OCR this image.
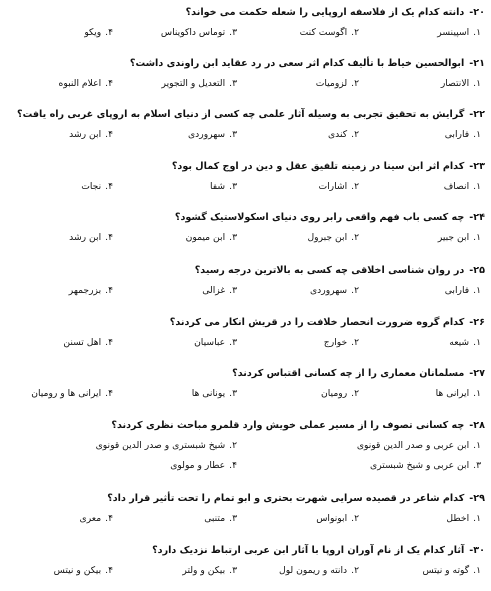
۲۰-دانته کدام یک از فلاسفه اروپایی را شعله حکمت می خواند؟
۱.اسپینسر
۲.اگوست کنت
۳.توماس داکویناس
۴.ویکو
۲۱-ابوالحسین خیاط با تألیف کدام اثر سعی در رد عقاید ابن راوندی داشت؟
۱.الانتصار
۲.لزومیات
۳.التعدیل و التجویر
۴.اعلام النبوه
۲۲-گرایش به تحقیق تجربی به وسیله آثار علمی چه کسی از دنیای اسلام به اروپای غربی راه یافت؟
۱.فارابی
۲.کندی
۳.سهروردی
۴.ابن رشد
۲۳-کدام اثر ابن سینا در زمینه تلفیق عقل و دین در اوج کمال بود؟
۱.انصاف
۲.اشارات
۳.شفا
۴.نجات
۲۴-چه کسی باب فهم واقعی رابر روی دنیای اسکولاستیک گشود؟
۱.ابن جبیر
۲.ابن جبرول
۳.ابن میمون
۴.ابن رشد
۲۵-در روان شناسی اخلاقی چه کسی به بالاترین درجه رسید؟
۱.فارابی
۲.سهروردی
۳.غزالی
۴.بزرجمهر
۲۶-کدام گروه ضرورت انحصار خلافت را در قریش انکار می کردند؟
۱.شیعه
۲.خوارج
۳.عباسیان
۴.اهل تسنن
۲۷-مسلمانان معماری را از چه کسانی اقتباس کردند؟
۱.ایرانی ها
۲.رومیان
۳.یونانی ها
۴.ایرانی ها و رومیان
۲۸-چه کسانی تصوف را از مسیر عملی خویش وارد قلمرو مباحث نظری کردند؟
۱.ابن عربی و صدر الدین قونوی
۲.شیخ شبستری و صدر الدین قونوی
۳.ابن عربی و شیخ شبستری
۴.عطار و مولوی
۲۹-کدام شاعر در قصیده سرایی شهرت بحتری و ابو تمام را تحت تأثیر قرار داد؟
۱.اخطل
۲.ابونواس
۳.متنبی
۴.معری
۳۰-آثار کدام یک از نام آوران اروپا با آثار ابن عربی ارتباط نزدیک دارد؟
۱.گوته و نیتس
۲.دانته و ریمون لول
۳.بیکن و ولتر
۴.بیکن و نیتس
